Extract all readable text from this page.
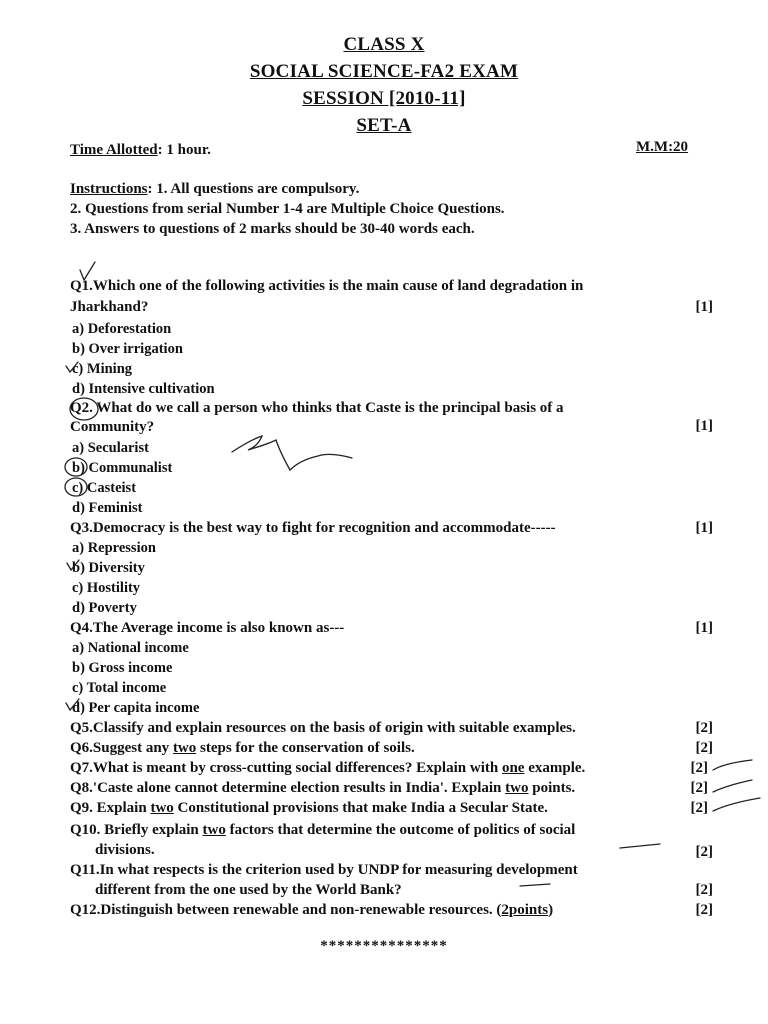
CLASS X
SOCIAL SCIENCE-FA2 EXAM
SESSION [2010-11]
SET-A
Time Allotted: 1 hour.	M.M:20
Instructions: 1. All questions are compulsory.
2. Questions from serial Number 1-4 are Multiple Choice Questions.
3. Answers to questions of 2 marks should be 30-40 words each.
Q1.Which one of the following activities is the main cause of land degradation in
Jharkhand?	[1]
a) Deforestation
b) Over irrigation
c) Mining
d) Intensive cultivation
Q2. What do we call a person who thinks that Caste is the principal basis of a
Community?	[1]
a) Secularist
b) Communalist
c) Casteist
d) Feminist
Q3.Democracy is the best way to fight for recognition and accommodate-----	[1]
a) Repression
b) Diversity
c) Hostility
d) Poverty
Q4.The Average income is also known as---	[1]
a) National income
b) Gross income
c) Total income
d) Per capita income
Q5.Classify and explain resources on the basis of origin with suitable examples.	[2]
Q6.Suggest any two steps for the conservation of soils.	[2]
Q7.What is meant by cross-cutting social differences? Explain with one example.	[2]
Q8.'Caste alone cannot determine election results in India'. Explain two points.	[2]
Q9. Explain two Constitutional provisions that make India a Secular State.	[2]
Q10. Briefly explain two factors that determine the outcome of politics of social
divisions.	[2]
Q11.In what respects is the criterion used by UNDP for measuring development
different from the one used by the World Bank?	[2]
Q12.Distinguish between renewable and non-renewable resources. (2points)	[2]
***************
